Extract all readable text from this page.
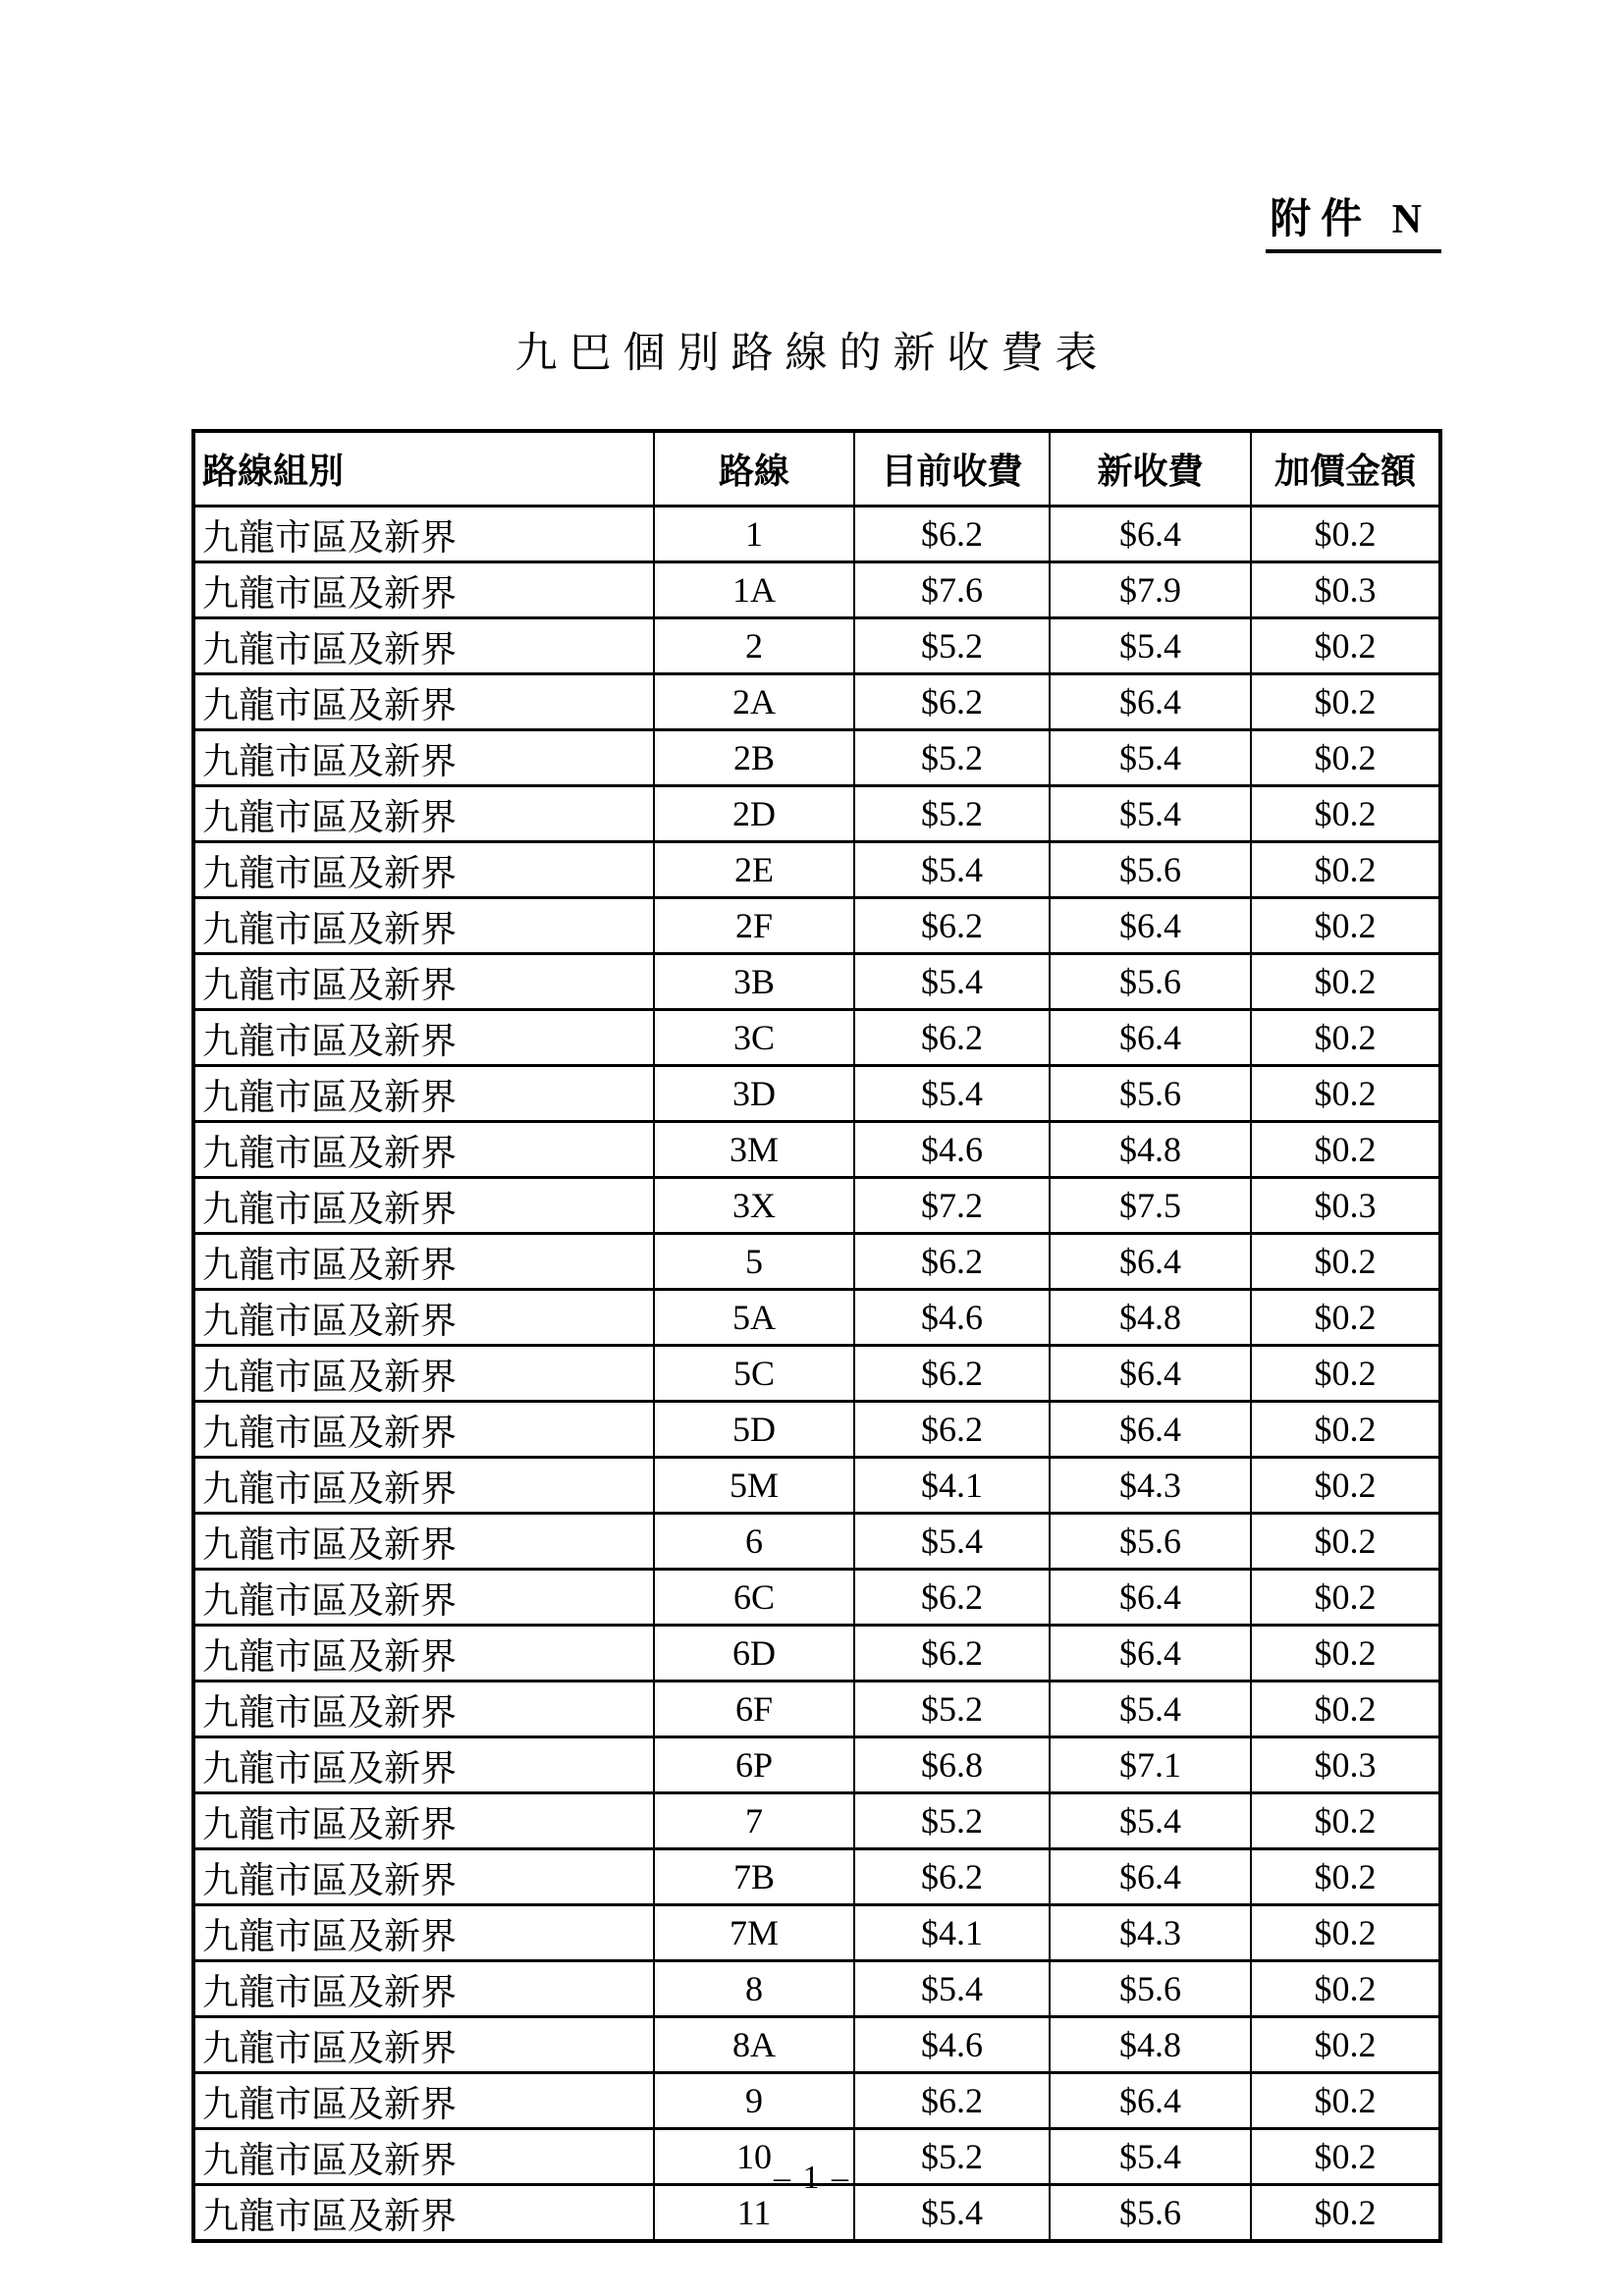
附件 N
九巴個別路線的新收費表
路線組別	路線	目前收費	新收費	加價金額
九龍市區及新界	1	$6.2	$6.4	$0.2
九龍市區及新界	1A	$7.6	$7.9	$0.3
九龍市區及新界	2	$5.2	$5.4	$0.2
九龍市區及新界	2A	$6.2	$6.4	$0.2
九龍市區及新界	2B	$5.2	$5.4	$0.2
九龍市區及新界	2D	$5.2	$5.4	$0.2
九龍市區及新界	2E	$5.4	$5.6	$0.2
九龍市區及新界	2F	$6.2	$6.4	$0.2
九龍市區及新界	3B	$5.4	$5.6	$0.2
九龍市區及新界	3C	$6.2	$6.4	$0.2
九龍市區及新界	3D	$5.4	$5.6	$0.2
九龍市區及新界	3M	$4.6	$4.8	$0.2
九龍市區及新界	3X	$7.2	$7.5	$0.3
九龍市區及新界	5	$6.2	$6.4	$0.2
九龍市區及新界	5A	$4.6	$4.8	$0.2
九龍市區及新界	5C	$6.2	$6.4	$0.2
九龍市區及新界	5D	$6.2	$6.4	$0.2
九龍市區及新界	5M	$4.1	$4.3	$0.2
九龍市區及新界	6	$5.4	$5.6	$0.2
九龍市區及新界	6C	$6.2	$6.4	$0.2
九龍市區及新界	6D	$6.2	$6.4	$0.2
九龍市區及新界	6F	$5.2	$5.4	$0.2
九龍市區及新界	6P	$6.8	$7.1	$0.3
九龍市區及新界	7	$5.2	$5.4	$0.2
九龍市區及新界	7B	$6.2	$6.4	$0.2
九龍市區及新界	7M	$4.1	$4.3	$0.2
九龍市區及新界	8	$5.4	$5.6	$0.2
九龍市區及新界	8A	$4.6	$4.8	$0.2
九龍市區及新界	9	$6.2	$6.4	$0.2
九龍市區及新界	10	$5.2	$5.4	$0.2
九龍市區及新界	11	$5.4	$5.6	$0.2
– 1 –
